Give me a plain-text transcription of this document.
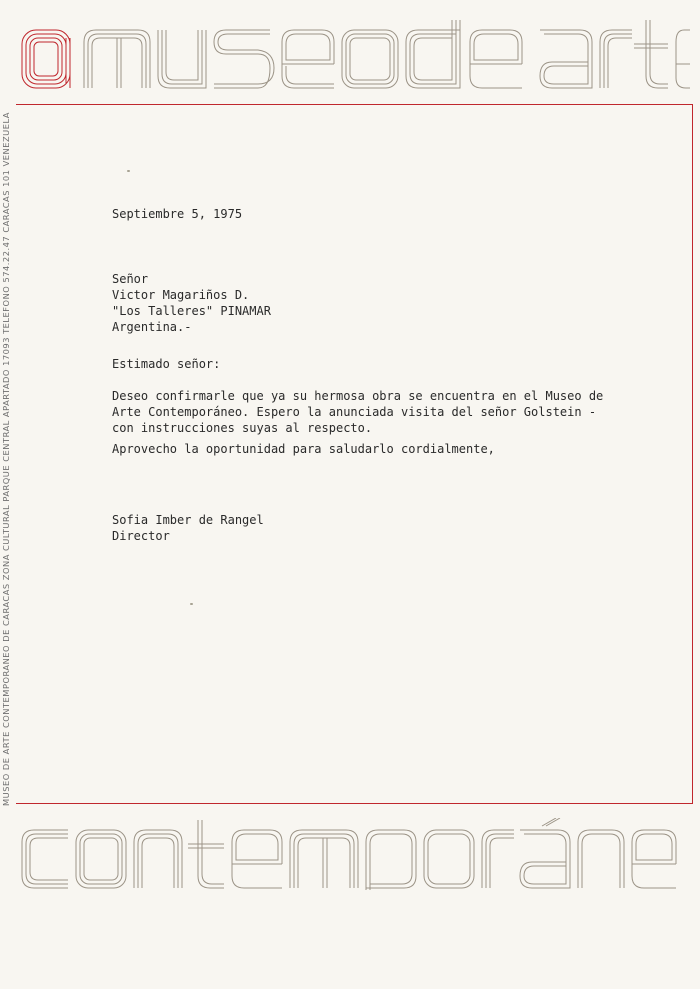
MUSEO DE ARTE CONTEMPORANEO DE CARACAS ZONA CULTURAL PARQUE CENTRAL APARTADO 17093 TELEFONO 574.22.47 CARACAS 101 VENEZUELA	Septiembre 5, 1975
Señor
Victor Magariños D.
"Los Talleres" PINAMAR
Argentina.-
Estimado señor:
Deseo confirmarle que ya su hermosa obra se encuentra en el Museo de
Arte Contemporáneo. Espero la anunciada visita del señor Golstein -
con instrucciones suyas al respecto.
Aprovecho la oportunidad para saludarlo cordialmente,
Sofia Imber de Rangel
Director
